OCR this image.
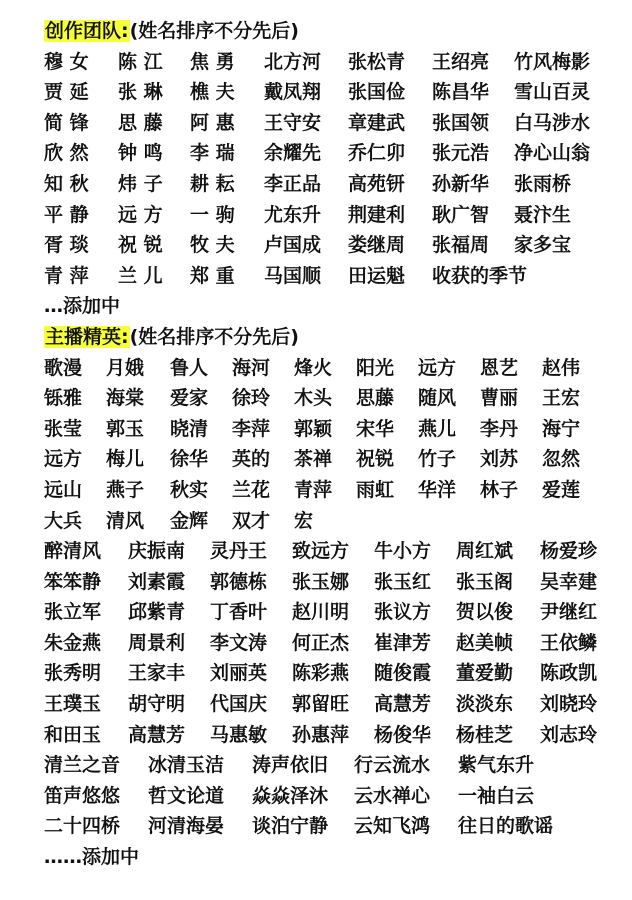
创作团队:(姓名排序不分先后)
穆 女 陈 江 焦 勇 北方河 张松青 王绍亮 竹风梅影
贾 延 张 琳 樵 夫 戴凤翔 张国俭 陈昌华 雪山百灵
简 锋 思 藤 阿 惠 王守安 章建武 张国领 白马涉水
欣 然 钟 鸣 李 瑞 余耀先 乔仁卯 张元浩 净心山翁
知 秋 炜 子 耕 耘 李正品 高苑钘 孙新华 张雨桥
平 静 远 方 一 驹 尤东升 荆建利 耿广智 聂汴生
胥 琰 祝 锐 牧 夫 卢国成 娄继周 张福周 家多宝
青 萍 兰 儿 郑 重 马国顺 田运魁 收获的季节
…添加中
主播精英:(姓名排序不分先后)
歌漫 月娥 鲁人 海河 烽火 阳光 远方 恩艺 赵伟
铄雅 海棠 爱家 徐玲 木头 思藤 随风 曹丽 王宏
张莹 郭玉 晓清 李萍 郭颖 宋华 燕儿 李丹 海宁
远方 梅儿 徐华 英的 茶禅 祝锐 竹子 刘苏 忽然
远山 燕子 秋实 兰花 青萍 雨虹 华洋 林子 爱莲
大兵 清风 金辉 双才 宏
醉清风 庆振南 灵丹王 致远方 牛小方 周红斌 杨爱珍
笨笨静 刘素霞 郭德栋 张玉娜 张玉红 张玉阁 吴幸建
张立军 邱紫青 丁香叶 赵川明 张议方 贺以俊 尹继红
朱金燕 周景利 李文涛 何正杰 崔津芳 赵美帧 王依鳞
张秀明 王家丰 刘丽英 陈彩燕 随俊霞 董爱勤 陈政凯
王璞玉 胡守明 代国庆 郭留旺 高慧芳 淡淡东 刘晓玲
和田玉 高慧芳 马惠敏 孙惠萍 杨俊华 杨桂芝 刘志玲
清兰之音 冰清玉洁 涛声依旧 行云流水 紫气东升
笛声悠悠 哲文论道 焱焱泽沐 云水禅心 一袖白云
二十四桥 河清海晏 谈泊宁静 云知飞鸿 往日的歌谣
……添加中
